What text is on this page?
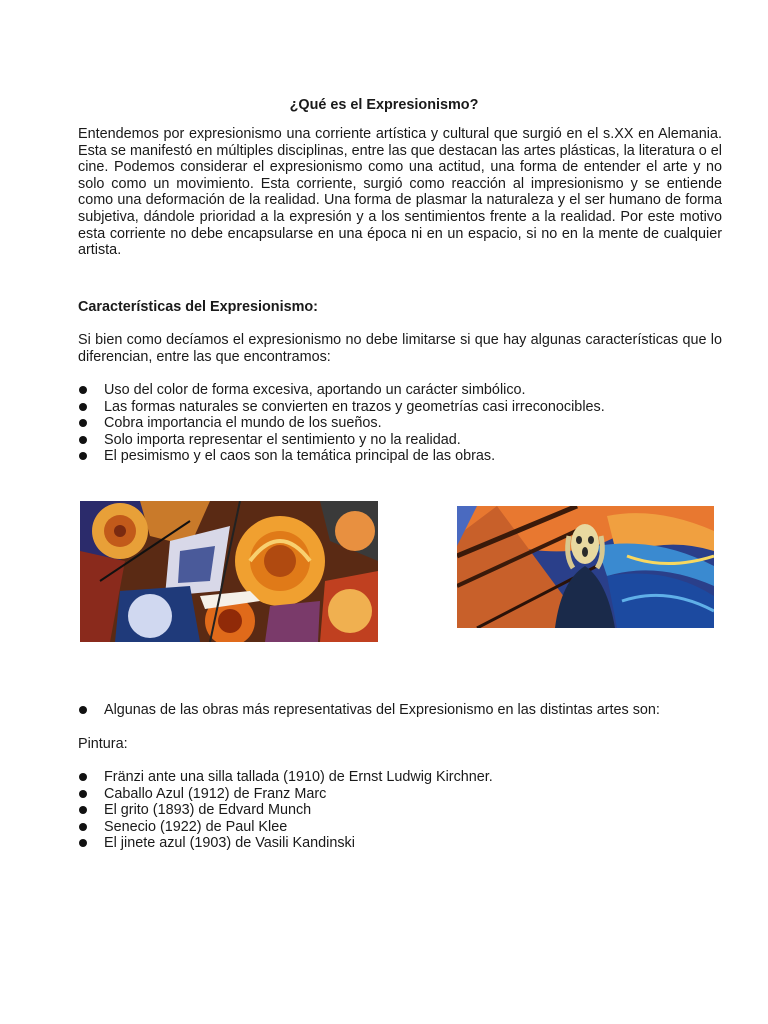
¿Qué es el Expresionismo?

Entendemos por expresionismo una corriente artística y cultural que surgió en el s.XX en Alemania. Esta se manifestó en múltiples disciplinas, entre las que destacan las artes plásticas, la literatura o el cine. Podemos considerar el expresionismo como una actitud, una forma de entender el arte y no solo como un movimiento. Esta corriente, surgió como reacción al impresionismo y se entiende como una deformación de la realidad. Una forma de plasmar la naturaleza y el ser humano de forma subjetiva, dándole prioridad a la expresión y a los sentimientos frente a la realidad. Por este motivo esta corriente no debe encapsularse en una época ni en un espacio, si no en la mente de cualquier artista.

Características del Expresionismo:

Si bien como decíamos el expresionismo no debe limitarse si que hay algunas características que lo diferencian, entre las que encontramos:

Uso del color de forma excesiva, aportando un carácter simbólico.
Las formas naturales se convierten en trazos y geometrías casi irreconocibles.
Cobra importancia el mundo de los sueños.
Solo importa representar el sentimiento y no la realidad.
El pesimismo y el caos son la temática principal de las obras.
Algunas de las obras más representativas del Expresionismo en las distintas artes son:

Pintura:

Fränzi ante una silla tallada (1910) de Ernst Ludwig Kirchner.
Caballo Azul (1912) de Franz Marc
El grito (1893) de Edvard Munch
Senecio (1922) de Paul Klee
El jinete azul (1903) de Vasili Kandinski
